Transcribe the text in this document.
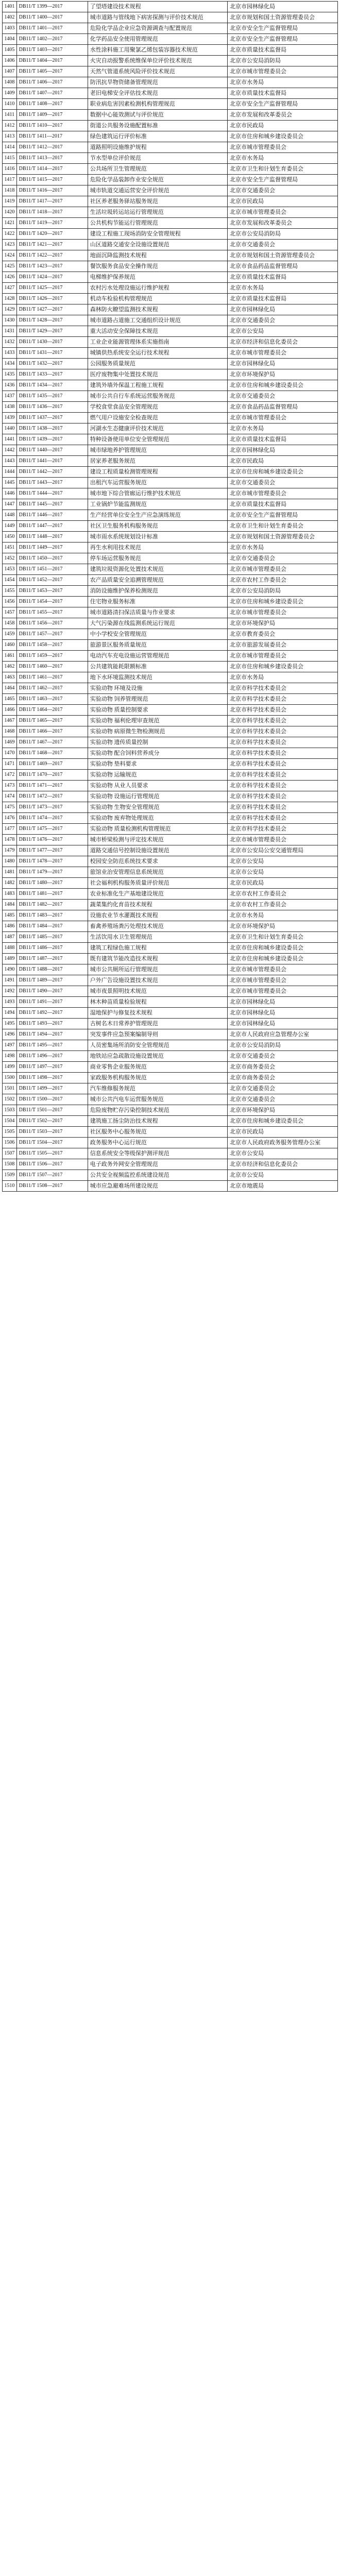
1401	DB11/T 1399—2017	了望塔建设技术规程	北京市园林绿化局
1402	DB11/T 1400—2017	城市道路与管线地下病害探测与评价技术规范	北京市规划和国土资源管理委员会
1403	DB11/T 1401—2017	危险化学品企业应急资源调查与配置规范	北京市安全生产监督管理局
1404	DB11/T 1402—2017	化学药品安全使用管理规范	北京市安全生产监督管理局
1405	DB11/T 1403—2017	水性涂料施工用聚氯乙烯包装容器技术规范	北京市质量技术监督局
1406	DB11/T 1404—2017	火灾自动报警系统维保单位评价技术规范	北京市公安局消防局
1407	DB11/T 1405—2017	天然气管道系统风险评价技术规范	北京市城市管理委员会
1408	DB11/T 1406—2017	防汛抗旱物资储备管理规范	北京市水务局
1409	DB11/T 1407—2017	老旧电梯安全评估技术规范	北京市质量技术监督局
1410	DB11/T 1408—2017	职业病危害因素检测机构管理规范	北京市安全生产监督管理局
1411	DB11/T 1409—2017	数据中心能效测试与评价规范	北京市发展和改革委员会
1412	DB11/T 1410—2017	街道公共服务设施配置标准	北京市民政局
1413	DB11/T 1411—2017	绿色建筑运行评价标准	北京市住房和城乡建设委员会
1414	DB11/T 1412—2017	道路照明设施维护规程	北京市城市管理委员会
1415	DB11/T 1413—2017	节水型单位评价规范	北京市水务局
1416	DB11/T 1414—2017	公共场所卫生管理规范	北京市卫生和计划生育委员会
1417	DB11/T 1415—2017	危险化学品装卸作业安全规范	北京市安全生产监督管理局
1418	DB11/T 1416—2017	城市轨道交通运营安全评价规范	北京市交通委员会
1419	DB11/T 1417—2017	社区养老服务驿站服务规范	北京市民政局
1420	DB11/T 1418—2017	生活垃圾转运站运行管理规范	北京市城市管理委员会
1421	DB11/T 1419—2017	公共机构节能运行管理规范	北京市发展和改革委员会
1422	DB11/T 1420—2017	建设工程施工现场消防安全管理规程	北京市公安局消防局
1423	DB11/T 1421—2017	山区道路交通安全设施设置规范	北京市交通委员会
1424	DB11/T 1422—2017	地面沉降监测技术规程	北京市规划和国土资源管理委员会
1425	DB11/T 1423—2017	餐饮服务食品安全操作规范	北京市食品药品监督管理局
1426	DB11/T 1424—2017	电梯维护保养规范	北京市质量技术监督局
1427	DB11/T 1425—2017	农村污水处理设施运行维护规程	北京市水务局
1428	DB11/T 1426—2017	机动车检验机构管理规范	北京市质量技术监督局
1429	DB11/T 1427—2017	森林防火瞭望监测技术规程	北京市园林绿化局
1430	DB11/T 1428—2017	城市道路占道施工交通组织设计规范	北京市交通委员会
1431	DB11/T 1429—2017	重大活动安全保障技术规范	北京市公安局
1432	DB11/T 1430—2017	工业企业能源管理体系实施指南	北京市经济和信息化委员会
1433	DB11/T 1431—2017	城镇供热系统安全运行技术规程	北京市城市管理委员会
1434	DB11/T 1432—2017	公园服务质量规范	北京市园林绿化局
1435	DB11/T 1433—2017	医疗废物集中处置技术规范	北京市环境保护局
1436	DB11/T 1434—2017	建筑外墙外保温工程施工规程	北京市住房和城乡建设委员会
1437	DB11/T 1435—2017	城市公共自行车系统运营服务规范	北京市交通委员会
1438	DB11/T 1436—2017	学校食堂食品安全管理规范	北京市食品药品监督管理局
1439	DB11/T 1437—2017	燃气用户设施安全检查规范	北京市城市管理委员会
1440	DB11/T 1438—2017	河湖水生态健康评价技术规范	北京市水务局
1441	DB11/T 1439—2017	特种设备使用单位安全管理规范	北京市质量技术监督局
1442	DB11/T 1440—2017	城市绿地养护管理规范	北京市园林绿化局
1443	DB11/T 1441—2017	居家养老服务规范	北京市民政局
1444	DB11/T 1442—2017	建设工程质量检测管理规程	北京市住房和城乡建设委员会
1445	DB11/T 1443—2017	出租汽车运营服务规范	北京市交通委员会
1446	DB11/T 1444—2017	城市地下综合管廊运行维护技术规范	北京市城市管理委员会
1447	DB11/T 1445—2017	工业锅炉节能监测规范	北京市质量技术监督局
1448	DB11/T 1446—2017	生产经营单位安全生产应急演练规范	北京市安全生产监督管理局
1449	DB11/T 1447—2017	社区卫生服务机构服务规范	北京市卫生和计划生育委员会
1450	DB11/T 1448—2017	城市雨水系统规划设计标准	北京市规划和国土资源管理委员会
1451	DB11/T 1449—2017	再生水利用技术规范	北京市水务局
1452	DB11/T 1450—2017	停车场运营服务规范	北京市交通委员会
1453	DB11/T 1451—2017	建筑垃圾资源化处置技术规范	北京市城市管理委员会
1454	DB11/T 1452—2017	农产品质量安全追溯管理规范	北京市农村工作委员会
1455	DB11/T 1453—2017	消防设施维护保养检测规范	北京市公安局消防局
1456	DB11/T 1454—2017	住宅物业服务标准	北京市住房和城乡建设委员会
1457	DB11/T 1455—2017	城市道路清扫保洁质量与作业要求	北京市城市管理委员会
1458	DB11/T 1456—2017	大气污染源在线监测系统运行规范	北京市环境保护局
1459	DB11/T 1457—2017	中小学校安全管理规范	北京市教育委员会
1460	DB11/T 1458—2017	旅游景区服务质量规范	北京市旅游发展委员会
1461	DB11/T 1459—2017	电动汽车充电设施运营管理规范	北京市城市管理委员会
1462	DB11/T 1460—2017	公共建筑能耗限额标准	北京市住房和城乡建设委员会
1463	DB11/T 1461—2017	地下水环境监测技术规范	北京市水务局
1464	DB11/T 1462—2017	实验动物 环境及设施	北京市科学技术委员会
1465	DB11/T 1463—2017	实验动物 饲养管理规范	北京市科学技术委员会
1466	DB11/T 1464—2017	实验动物 质量控制要求	北京市科学技术委员会
1467	DB11/T 1465—2017	实验动物 福利伦理审查规范	北京市科学技术委员会
1468	DB11/T 1466—2017	实验动物 病原微生物检测规范	北京市科学技术委员会
1469	DB11/T 1467—2017	实验动物 遗传质量控制	北京市科学技术委员会
1470	DB11/T 1468—2017	实验动物 配合饲料营养成分	北京市科学技术委员会
1471	DB11/T 1469—2017	实验动物 垫料要求	北京市科学技术委员会
1472	DB11/T 1470—2017	实验动物 运输规范	北京市科学技术委员会
1473	DB11/T 1471—2017	实验动物 从业人员要求	北京市科学技术委员会
1474	DB11/T 1472—2017	实验动物 设施运行管理规范	北京市科学技术委员会
1475	DB11/T 1473—2017	实验动物 生物安全管理规范	北京市科学技术委员会
1476	DB11/T 1474—2017	实验动物 废弃物处理规范	北京市科学技术委员会
1477	DB11/T 1475—2017	实验动物 质量检测机构管理规范	北京市科学技术委员会
1478	DB11/T 1476—2017	城市桥梁检测与评定技术规范	北京市城市管理委员会
1479	DB11/T 1477—2017	道路交通信号控制设施设置规范	北京市公安局公安交通管理局
1480	DB11/T 1478—2017	校园安全防范系统技术要求	北京市公安局
1481	DB11/T 1479—2017	旅馆业治安管理信息系统规范	北京市公安局
1482	DB11/T 1480—2017	社会福利机构服务质量评价规范	北京市民政局
1483	DB11/T 1481—2017	农业标准化生产基地建设规范	北京市农村工作委员会
1484	DB11/T 1482—2017	蔬菜集约化育苗技术规程	北京市农村工作委员会
1485	DB11/T 1483—2017	设施农业节水灌溉技术规程	北京市水务局
1486	DB11/T 1484—2017	畜禽养殖场粪污处理技术规范	北京市环境保护局
1487	DB11/T 1485—2017	生活饮用水卫生管理规范	北京市卫生和计划生育委员会
1488	DB11/T 1486—2017	建筑工程绿色施工规程	北京市住房和城乡建设委员会
1489	DB11/T 1487—2017	既有建筑节能改造技术规程	北京市住房和城乡建设委员会
1490	DB11/T 1488—2017	城市公共厕所运行管理规范	北京市城市管理委员会
1491	DB11/T 1489—2017	户外广告设施设置技术规范	北京市城市管理委员会
1492	DB11/T 1490—2017	城市夜景照明技术规范	北京市城市管理委员会
1493	DB11/T 1491—2017	林木种苗质量检验规程	北京市园林绿化局
1494	DB11/T 1492—2017	湿地保护与修复技术规程	北京市园林绿化局
1495	DB11/T 1493—2017	古树名木日常养护管理规范	北京市园林绿化局
1496	DB11/T 1494—2017	突发事件应急预案编制导则	北京市人民政府应急管理办公室
1497	DB11/T 1495—2017	人员密集场所消防安全管理规范	北京市公安局消防局
1498	DB11/T 1496—2017	地铁站应急疏散设施设置规范	北京市交通委员会
1499	DB11/T 1497—2017	商业零售企业服务规范	北京市商务委员会
1500	DB11/T 1498—2017	家政服务机构服务规范	北京市商务委员会
1501	DB11/T 1499—2017	汽车维修服务规范	北京市交通委员会
1502	DB11/T 1500—2017	城市公共汽电车运营服务规范	北京市交通委员会
1503	DB11/T 1501—2017	危险废物贮存污染控制技术规范	北京市环境保护局
1504	DB11/T 1502—2017	建筑施工扬尘防治技术规程	北京市住房和城乡建设委员会
1505	DB11/T 1503—2017	社区服务中心服务规范	北京市民政局
1506	DB11/T 1504—2017	政务服务中心运行规范	北京市人民政府政务服务管理办公室
1507	DB11/T 1505—2017	信息系统安全等级保护测评规范	北京市公安局
1508	DB11/T 1506—2017	电子政务外网安全管理规范	北京市经济和信息化委员会
1509	DB11/T 1507—2017	公共安全视频监控系统建设规范	北京市公安局
1510	DB11/T 1508—2017	城市应急避难场所建设规范	北京市地震局
